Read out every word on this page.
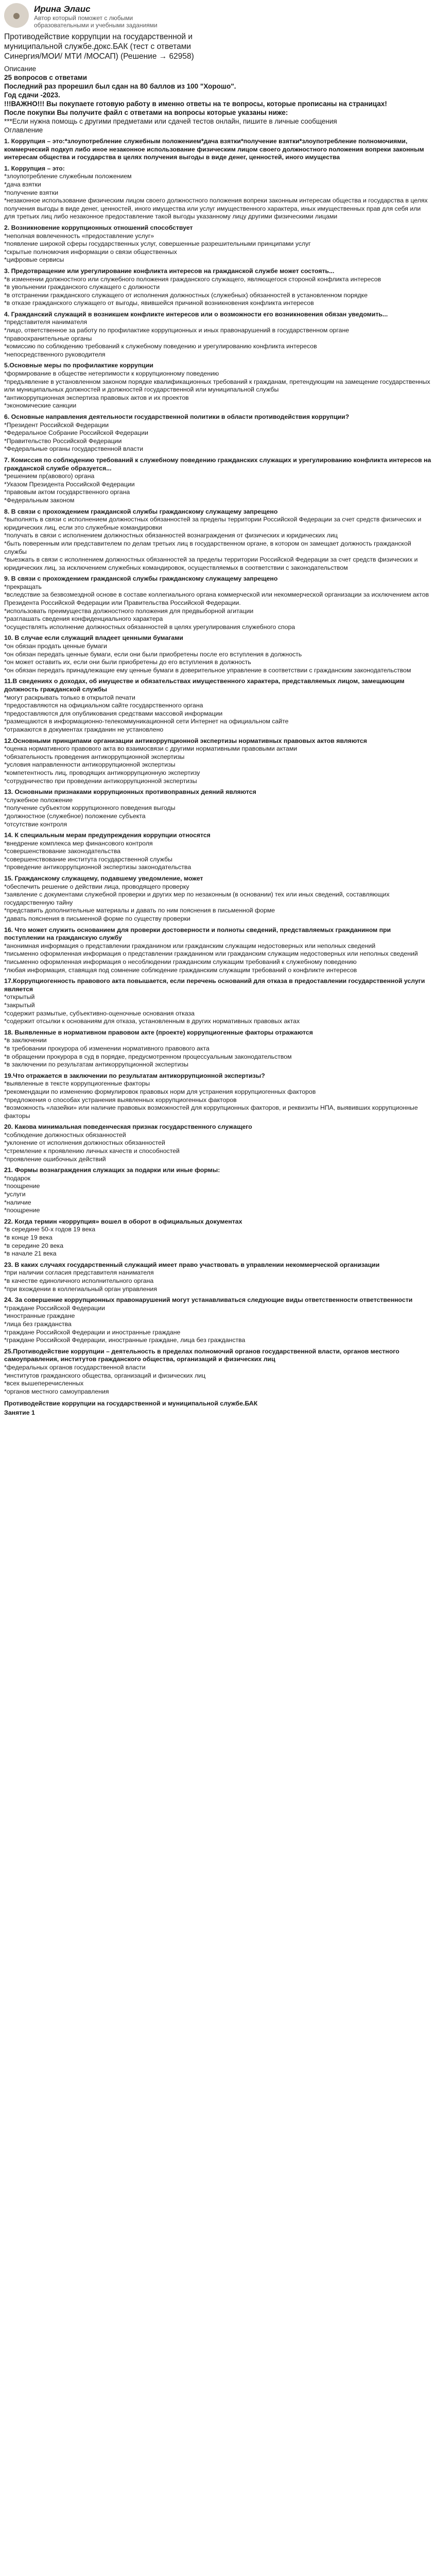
●	Ирина Элаис
Автор который поможет с любыми образовательными и учебными заданиями
Противодействие коррупции на государственной и муниципальной службе.докс.БАК (тест с ответами Синергия/МОИ/ МТИ /МОСАП) (Решение → 62958)
Описание
25 вопросов с ответами
Последний раз прорешил был сдан на 80 баллов из 100 "Хорошо".
Год сдачи -2023.
!!!ВАЖНО!!! Вы покупаете готовую работу в именно ответы на те вопросы, которые прописаны на страницах!
После покупки Вы получите файл с ответами на вопросы которые указаны ниже:
***Если нужна помощь с другими предметами или сдачей тестов онлайн, пишите в личные сообщения
Оглавление
1. Коррупция – это:*злоупотребление служебным положением*дача взятки*получение взятки*злоупотребление полномочиями, коммерческий подкуп либо иное незаконное использование физическим лицом своего должностного положения вопреки законным интересам общества и государства в целях получения выгоды в виде денег, ценностей, иного имущества
1. Коррупция – это:
*злоупотребление служебным положением
*дача взятки
*получение взятки
*незаконное использование физическим лицом своего должностного положения вопреки законным интересам общества и государства в целях получения выгоды в виде денег, ценностей, иного имущества или услуг имущественного характера, иных имущественных прав для себя или для третьих лиц либо незаконное предоставление такой выгоды указанному лицу другими физическими лицами
2. Возникновение коррупционных отношений способствует
*неполная вовлеченность «предоставление услуг»
*появление широкой сферы государственных услуг, совершенные разрешительными принципами услуг
*скрытые полномочия информации о связи общественных
*цифровые сервисы
3. Предотвращение или урегулирование конфликта интересов на гражданской службе может состоять...
*в изменении должностного или служебного положения гражданского служащего, являющегося стороной конфликта интересов
*в увольнении гражданского служащего с должности
*в отстранении гражданского служащего от исполнения должностных (служебных) обязанностей в установленном порядке
*в отказе гражданского служащего от выгоды, явившейся причиной возникновения конфликта интересов
4. Гражданский служащий в возникшем конфликте интересов или о возможности его возникновения обязан уведомить...
*представителя нанимателя
*лицо, ответственное за работу по профилактике коррупционных и иных правонарушений в государственном органе
*правоохранительные органы
*комиссию по соблюдению требований к служебному поведению и урегулированию конфликта интересов
*непосредственного руководителя
5.Основные меры по профилактике коррупции
*формирование в обществе нетерпимости к коррупционному поведению
*предъявление в установленном законом порядке квалификационных требований к гражданам, претендующим на замещение государственных или муниципальных должностей и должностей государственной или муниципальной службы
*антикоррупционная экспертиза правовых актов и их проектов
*экономические санкции
6. Основные направления деятельности государственной политики в области противодействия коррупции?
*Президент Российской Федерации
*Федеральное Собрание Российской Федерации
*Правительство Российской Федерации
*Федеральные органы государственной власти
7. Комиссия по соблюдению требований к служебному поведению гражданских служащих и урегулированию конфликта интересов на гражданской службе образуется...
*решением пр(авового) органа
*Указом Президента Российской Федерации
*правовым актом государственного органа
*Федеральным законом
8. В связи с прохождением гражданской службы гражданскому служащему запрещено
*выполнять в связи с исполнением должностных обязанностей за пределы территории Российской Федерации за счет средств физических и юридических лиц, если это служебные командировки
*получать в связи с исполнением должностных обязанностей вознаграждения от физических и юридических лиц
*быть поверенным или представителем по делам третьих лиц в государственном органе, в котором он замещает должность гражданской службы
*выезжать в связи с исполнением должностных обязанностей за пределы территории Российской Федерации за счет средств физических и юридических лиц, за исключением служебных командировок, осуществляемых в соответствии с законодательством
9. В связи с прохождением гражданской службы гражданскому служащему запрещено
*прекращать
*вследствие за безвозмездной основе в составе коллегиального органа коммерческой или некоммерческой организации за исключением актов Президента Российской Федерации или Правительства Российской Федерации.
*использовать преимущества должностного положения для предвыборной агитации
*разглашать сведения конфиденциального характера
*осуществлять исполнение должностных обязанностей в целях урегулирования служебного спора
10. В случае если служащий владеет ценными бумагами
*он обязан продать ценные бумаги
*он обязан передать ценные бумаги, если они были приобретены после его вступления в должность
*он может оставить их, если они были приобретены до его вступления в должность
*он обязан передать принадлежащие ему ценные бумаги в доверительное управление в соответствии с гражданским законодательством
11.В сведениях о доходах, об имуществе и обязательствах имущественного характера, представляемых лицом, замещающим должность гражданской службы
*могут раскрывать только в открытой печати
*предоставляются на официальном сайте государственного органа
*предоставляются для опубликования средствами массовой информации
*размещаются в информационно-телекоммуникационной сети Интернет на официальном сайте
*отражаются в документах гражданин не установлено
12.Основными принципами организации антикоррупционной экспертизы нормативных правовых актов являются
*оценка нормативного правового акта во взаимосвязи с другими нормативными правовыми актами
*обязательность проведения антикоррупционной экспертизы
*условия направленности антикоррупционной экспертизы
*компетентность лиц, проводящих антикоррупционную экспертизу
*сотрудничество при проведении антикоррупционной экспертизы
13. Основными признаками коррупционных противоправных деяний являются
*служебное положение
*получение субъектом коррупционного поведения выгоды
*должностное (служебное) положение субъекта
*отсутствие контроля
14. К специальным мерам предупреждения коррупции относятся
*внедрение комплекса мер финансового контроля
*совершенствование законодательства
*совершенствование института государственной службы
*проведение антикоррупционной экспертизы законодательства
15. Гражданскому служащему, подавшему уведомление, может
*обеспечить решение о действии лица, проводящего проверку
*заявление с документами служебной проверки и других мер по незаконным (в основании) тех или иных сведений, составляющих государственную тайну
*представить дополнительные материалы и давать по ним пояснения в письменной форме
*давать пояснения в письменной форме по существу проверки
16. Что может служить основанием для проверки достоверности и полноты сведений, представляемых гражданином при поступлении на гражданскую службу
*анонимная информация о представлении гражданином или гражданским служащим недостоверных или неполных сведений
*письменно оформленная информация о представлении гражданином или гражданским служащим недостоверных или неполных сведений
*письменно оформленная информация о несоблюдении гражданским служащим требований к служебному поведению
*любая информация, ставящая под сомнение соблюдение гражданским служащим требований о конфликте интересов
17.Коррупциогенность правового акта повышается, если перечень оснований для отказа в предоставлении государственной услуги является
*открытый
*закрытый
*содержит размытые, субъективно-оценочные основания отказа
*содержит отсылки к основаниям для отказа, установленным в других нормативных правовых актах
18. Выявленные в нормативном правовом акте (проекте) коррупциогенные факторы отражаются
*в заключении
*в требовании прокурора об изменении нормативного правового акта
*в обращении прокурора в суд в порядке, предусмотренном процессуальным законодательством
*в заключении по результатам антикоррупционной экспертизы
19.Что отражается в заключении по результатам антикоррупционной экспертизы?
*выявленные в тексте коррупциогенные факторы
*рекомендации по изменению формулировок правовых норм для устранения коррупциогенных факторов
*предложения о способах устранения выявленных коррупциогенных факторов
*возможность «лазейки» или наличие правовых возможностей для коррупционных факторов, и реквизиты НПА, выявивших коррупционные факторы
20. Какова минимальная поведенческая признак государственного служащего
*соблюдение должностных обязанностей
*уклонение от исполнения должностных обязанностей
*стремление к проявлению личных качеств и способностей
*проявление ошибочных действий
21. Формы вознаграждения служащих за подарки или иные формы:
*подарок
*поощрение
*услуги
*наличие
*поощрение
22. Когда термин «коррупция» вошел в оборот в официальных документах
*в середине 50-х годов 19 века
*в конце 19 века
*в середине 20 века
*в начале 21 века
23. В каких случаях государственный служащий имеет право участвовать в управлении некоммерческой организации
*при наличии согласия представителя нанимателя
*в качестве единоличного исполнительного органа
*при вхождении в коллегиальный орган управления
24. За совершение коррупционных правонарушений могут устанавливаться следующие виды ответственности ответственности
*граждане Российской Федерации
*иностранные граждане
*лица без гражданства
*граждане Российской Федерации и иностранные граждане
*граждане Российской Федерации, иностранные граждане, лица без гражданства
25.Противодействие коррупции – деятельность в пределах полномочий органов государственной власти, органов местного самоуправления, институтов гражданского общества, организаций и физических лиц
*федеральных органов государственной власти
*институтов гражданского общества, организаций и физических лиц
*всех вышеперечисленных
*органов местного самоуправления
Противодействие коррупции на государственной и муниципальной службе.БАК
Занятие 1
